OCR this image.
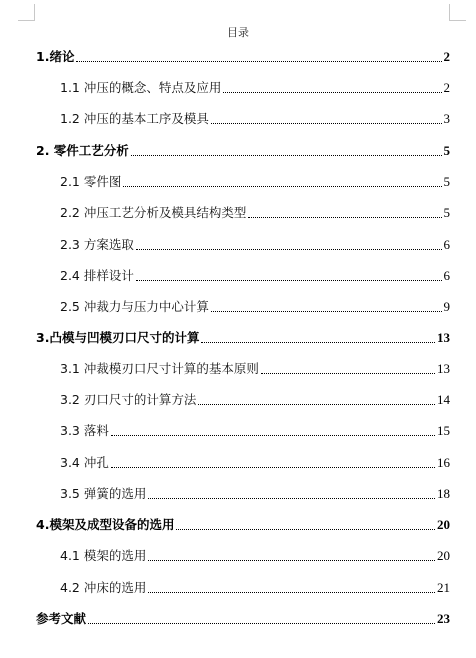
目录
1.绪论	2
1.1 冲压的概念、特点及应用	2
1.2 冲压的基本工序及模具	3
2. 零件工艺分析	5
2.1 零件图	5
2.2 冲压工艺分析及模具结构类型	5
2.3 方案选取	6
2.4 排样设计	6
2.5 冲裁力与压力中心计算	9
3.凸模与凹模刃口尺寸的计算	13
3.1 冲裁模刃口尺寸计算的基本原则	13
3.2 刃口尺寸的计算方法	14
3.3 落料	15
3.4 冲孔	16
3.5 弹簧的选用	18
4.模架及成型设备的选用	20
4.1 模架的选用	20
4.2 冲床的选用	21
参考文献	23
